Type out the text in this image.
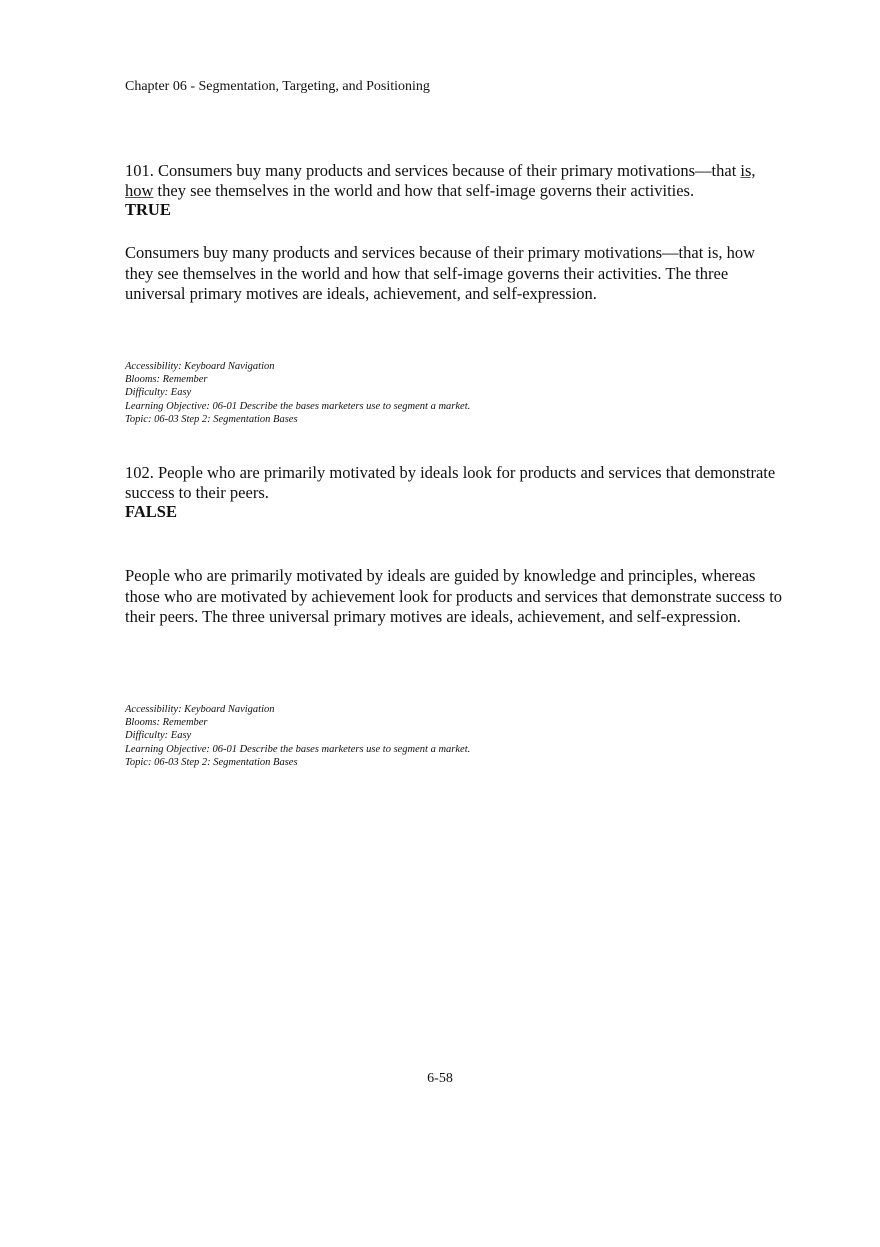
Chapter 06 - Segmentation, Targeting, and Positioning
101. Consumers buy many products and services because of their primary motivations—that is, how they see themselves in the world and how that self-image governs their activities.
TRUE
Consumers buy many products and services because of their primary motivations—that is, how they see themselves in the world and how that self-image governs their activities. The three universal primary motives are ideals, achievement, and self-expression.
Accessibility: Keyboard Navigation
Blooms: Remember
Difficulty: Easy
Learning Objective: 06-01 Describe the bases marketers use to segment a market.
Topic: 06-03 Step 2: Segmentation Bases
102. People who are primarily motivated by ideals look for products and services that demonstrate success to their peers.
FALSE
People who are primarily motivated by ideals are guided by knowledge and principles, whereas those who are motivated by achievement look for products and services that demonstrate success to their peers. The three universal primary motives are ideals, achievement, and self-expression.
Accessibility: Keyboard Navigation
Blooms: Remember
Difficulty: Easy
Learning Objective: 06-01 Describe the bases marketers use to segment a market.
Topic: 06-03 Step 2: Segmentation Bases
6-58
